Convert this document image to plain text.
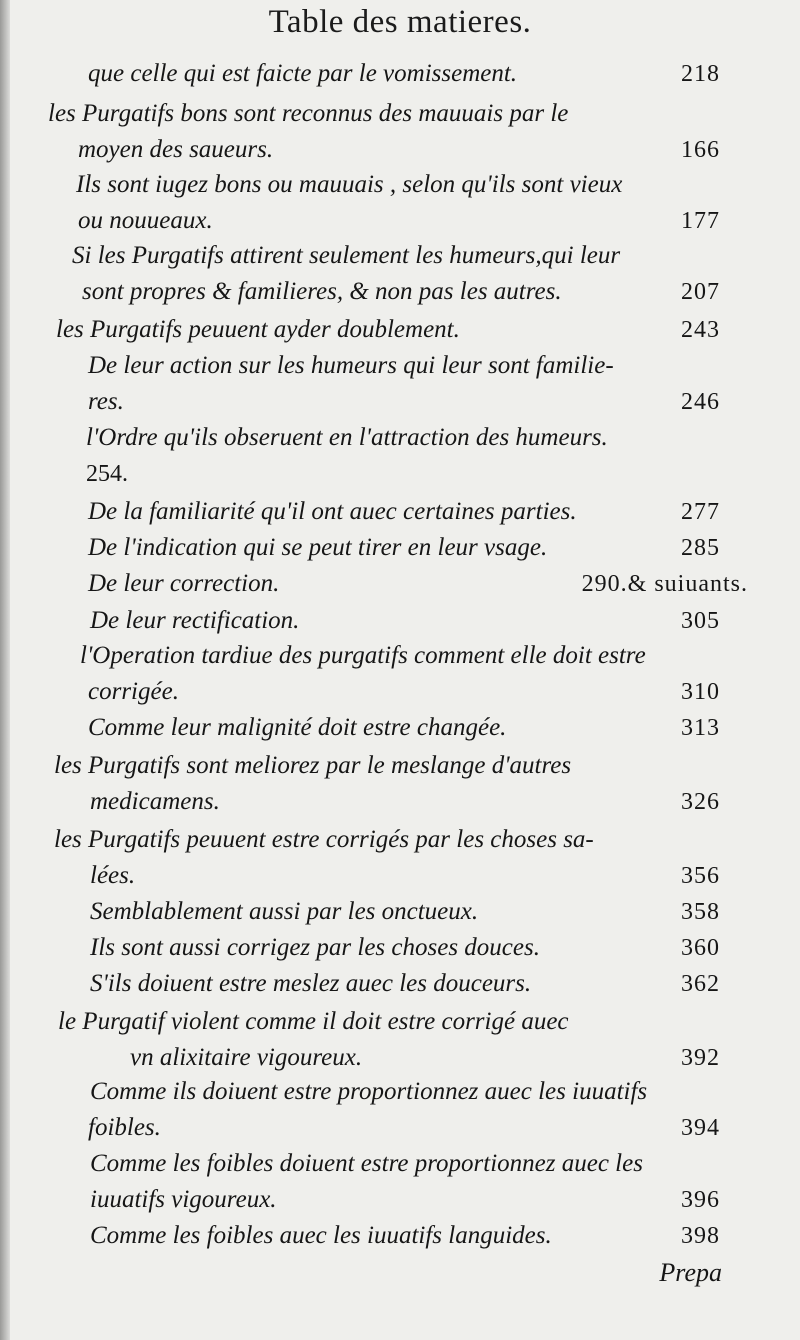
Table des matieres.
que celle qui est faicte par le vomissement.	218
les Purgatifs bons sont reconnus des mauuais par le
moyen des saueurs.	166
Ils sont iugez bons ou mauuais , selon qu'ils sont vieux
ou nouueaux.	177
Si les Purgatifs attirent seulement les humeurs,qui leur
sont propres & familieres, & non pas les autres.	207
les Purgatifs peuuent ayder doublement.	243
De leur action sur les humeurs qui leur sont familie-
res.	246
l'Ordre qu'ils obseruent en l'attraction des humeurs.
254.
De la familiarité qu'il ont auec certaines parties.	277
De l'indication qui se peut tirer en leur vsage.	285
De leur correction.	290.& suiuants.
De leur rectification.	305
l'Operation tardiue des purgatifs comment elle doit estre
corrigée.	310
Comme leur malignité doit estre changée.	313
les Purgatifs sont meliorez par le meslange d'autres
medicamens.	326
les Purgatifs peuuent estre corrigés par les choses sa-
lées.	356
Semblablement aussi par les onctueux.	358
Ils sont aussi corrigez par les choses douces.	360
S'ils doiuent estre meslez auec les douceurs.	362
le Purgatif violent comme il doit estre corrigé auec
vn alixitaire vigoureux.	392
Comme ils doiuent estre proportionnez auec les iuuatifs
foibles.	394
Comme les foibles doiuent estre proportionnez auec les
iuuatifs vigoureux.	396
Comme les foibles auec les iuuatifs languides.	398
Prepa
